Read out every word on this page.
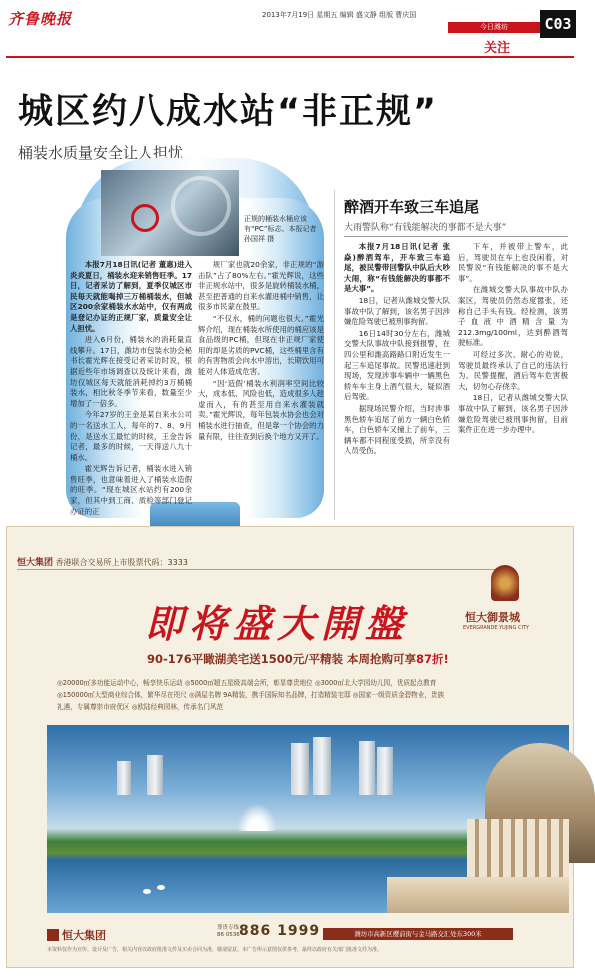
齐鲁晚报	2013年7月19日 星期五 编辑 盛文静 组版 曹庆国
今日潍坊
关注
C03
城区约八成水站“非正规”
桶装水质量安全让人担忧
正规的桶装水桶应该有“PC”标志。本报记者 孙国祥 摄

本报7月18日讯(记者 董惠)进入炎炎夏日，桶装水迎来销售旺季。17日，记者采访了解到，夏季仅城区市民每天就能喝掉三万桶桶装水，但城区200余家桶装水水站中，仅有两成是登记办证的正规厂家，质量安全让人担忧。

进入6月份，桶装水的消耗量直线攀升。17日，潍坊市包装水协会秘书长霍光辉在接受记者采访时说，根据近些年市场调查以及统计来看，潍坊仅城区每天就能消耗掉约3万桶桶装水，相比秋冬季节来看，数量至少增加了一倍多。

今年27岁的王金是某自来水公司的一名送水工人，每年的7、8、9月份，是送水工最忙的时候，王金告诉记者，最多的时候，一天得送八九十桶水。

霍光辉告诉记者，桶装水进入销售旺季，也意味着进入了桶装水造假的旺季。“现在城区水站约有200余家，但其中到工商、质检等部门登记办证的正

规厂家也就20余家，非正规的“游击队”占了80%左右。”霍光辉说，这些非正规水站中，很多是旋转桶装水桶，甚至把普通的自来水灌进桶中销售，让很多市民蒙在鼓里。

“不仅水，桶的问题也很大。”霍光辉介绍，现在桶装水所使用的桶应该是食品级的PC桶，但现在非正规厂家使用的却是劣质的PVC桶，这些桶里含有的有害物质会向水中溶出，长期饮用可能对人体造成危害。

“因‘造假’桶装水利润率空间比较大，成本低、风险也低，造成很多人趁虚而入，有的甚至用自来水灌装就卖。”霍光辉说，每年包装水协会也会对桶装水进行抽查，但是靠一个协会的力量有限，往往查到后换个地方又开了。

醉酒开车致三车追尾
大雨警队称“有钱能解决的事都不是大事”

本报7月18日讯(记者 张焱)醉酒驾车，开车致三车追尾，被民警带回警队中队后大吵大闹，称“有钱能解决的事都不是大事”。

18日，记者从潍城交警大队事故中队了解到，该名男子因涉嫌危险驾驶已被刑事拘留。

16日14时30分左右，潍城交警大队事故中队接到报警，在四公里和潍高路路口附近发生一起三车追尾事故。民警迅速赶到现场，发现涉事车辆中一辆黑色轿车车主身上酒气很大，疑似酒后驾驶。

据现场民警介绍，当时涉事黑色轿车追尾了前方一辆白色轿车，白色轿车又撞上了前车，三辆车都不同程度受损，所幸没有人员受伤。

下车，并被带上警车，此后，驾驶员在车上也没闲着，对民警说“有钱能解决的事不是大事”。

在潍城交警大队事故中队办案区，驾驶员仍然态度嚣张，还称自己手头有钱。经检测，该男子血液中酒精含量为212.3mg/100ml，达到醉酒驾驶标准。

可经过多次、耐心的劝说，驾驶员最终承认了自己的违法行为。民警提醒，酒后驾车危害极大，切勿心存侥幸。

18日，记者从潍城交警大队事故中队了解到，该名男子因涉嫌危险驾驶已被刑事拘留，目前案件正在进一步办理中。

恒大集团 香港联合交易所上市股票代码：3333
恒大御景城
EVERGRANDE YUJING CITY
即将盛大開盤
90-176平瞰湖美宅送1500元/平精装 本周抢购可享87折!
◎20000㎡多功能运动中心，畅享快乐运动 ◎5000㎡超五星级高端会所，彰显尊贵地位 ◎3000㎡北大学园幼儿园，优质起点教育
◎150000㎡大型商业综合体，繁华尽在咫尺 ◎满屋名牌 9A精装，携手国际知名品牌，打造精装宅邸 ◎国家一级资质金碧物业，贵族
礼遇，专属尊崇市府优区 ◎欧陆经典园林，传承名门风范
恒大集团
尊贵专线
86 0536 886 1999	潍坊市高新区樱前街与金马路交汇处东300米
本资料仅作为宣传、设计及广告，相关内容以政府批准文件及买卖合同为准，敬请留意。本广告所示意图仅供参考，最终以政府有关部门批准文件为准。
